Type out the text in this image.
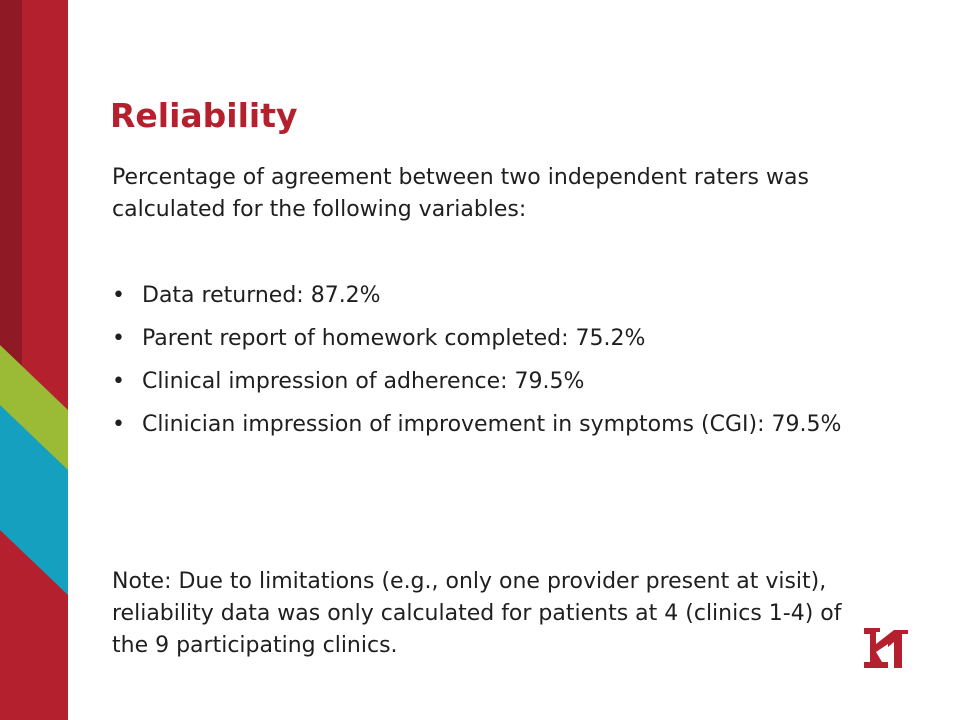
Reliability

Percentage of agreement between two independent raters was calculated for the following variables:

• Data returned: 87.2%
• Parent report of homework completed: 75.2%
• Clinical impression of adherence: 79.5%
• Clinician impression of improvement in symptoms (CGI): 79.5%

Note: Due to limitations (e.g., only one provider present at visit), reliability data was only calculated for patients at 4 (clinics 1-4) of the 9 participating clinics.
